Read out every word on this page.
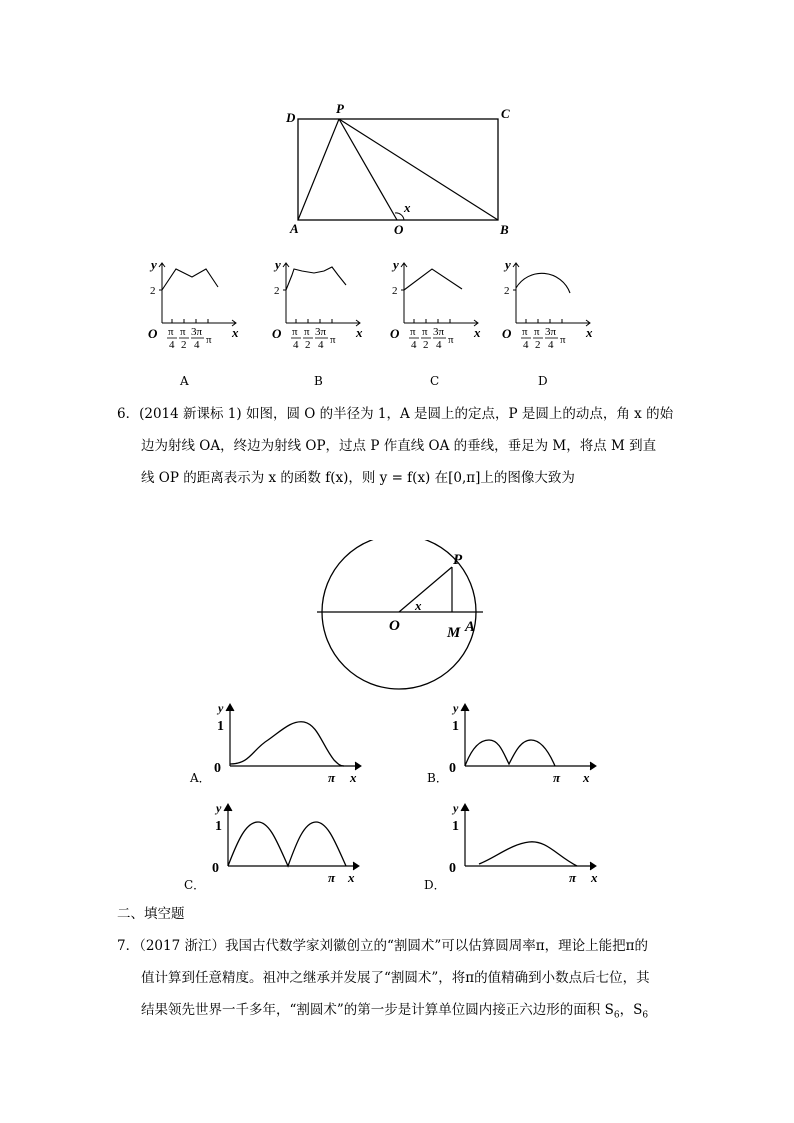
D
P	C
A	O	B
x
y
O
2
x
π
4
π
2
3π
4 π
A
y
O
2
x
π
4
π
2
3π
4 π
B
y
O
2
x
π
4
π
2
3π
4 π
C
y
O
2
x
π
4
π
2
3π
4 π
D
6．(2014 新课标 1) 如图，圆 O 的半径为 1，A 是圆上的定点，P 是圆上的动点，角 x 的始
边为射线 OA，终边为射线 OP，过点 P 作直线 OA 的垂线，垂足为 M，将点 M 到直
线 OP 的距离表示为 x 的函数 f(x)，则 y = f(x) 在[0,π]上的图像大致为
P
O	M A
x
y
1
0
π x
y
1
0
π x
y
1
0
π x
y
1
0
π x
A．	B．
C．	D．
二、填空题
7．（2017 浙江）我国古代数学家刘徽创立的“割圆术”可以估算圆周率π，理论上能把π的
值计算到任意精度。祖冲之继承并发展了“割圆术”，将π的值精确到小数点后七位，其
结果领先世界一千多年，“割圆术”的第一步是计算单位圆内接正六边形的面积 $S_6$，$S_6$
